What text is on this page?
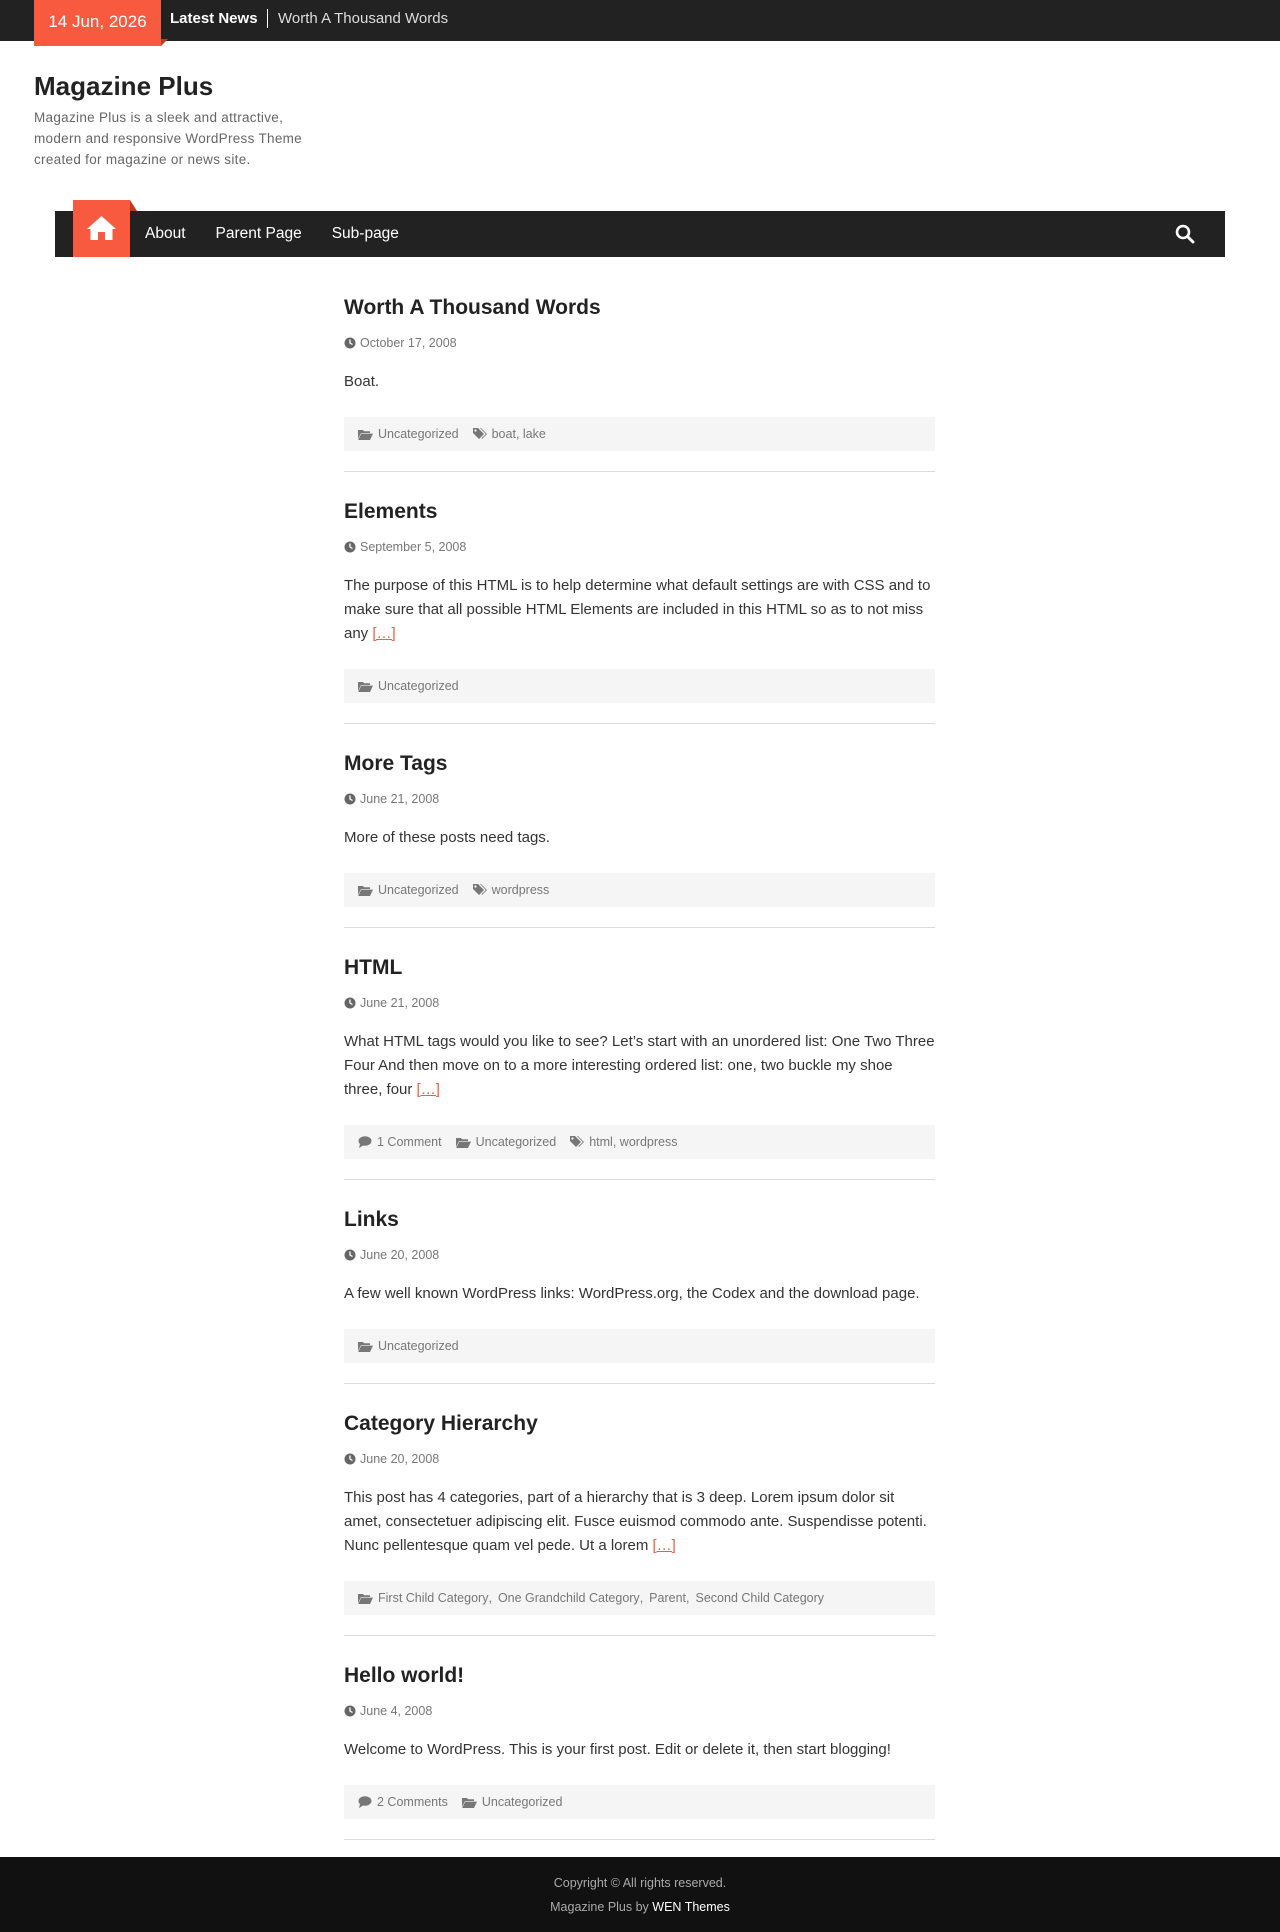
14 Jun, 2026	Latest News	Worth A Thousand Words
Magazine Plus
Magazine Plus is a sleek and attractive, modern and responsive WordPress Theme created for magazine or news site.
About Parent Page Sub-page
Worth A Thousand Words
October 17, 2008
Boat.
Uncategorized	boat , lake
Elements
September 5, 2008
The purpose of this HTML is to help determine what default settings are with CSS and to make sure that all possible HTML Elements are included in this HTML so as to not miss any […]
Uncategorized
More Tags
June 21, 2008
More of these posts need tags.
Uncategorized	wordpress
HTML
June 21, 2008
What HTML tags would you like to see? Let’s start with an unordered list: One Two Three Four And then move on to a more interesting ordered list: one, two buckle my shoe three, four […]
1 Comment	Uncategorized	html , wordpress
Links
June 20, 2008
A few well known WordPress links: WordPress.org, the Codex and the download page.
Uncategorized
Category Hierarchy
June 20, 2008
This post has 4 categories, part of a hierarchy that is 3 deep. Lorem ipsum dolor sit amet, consectetuer adipiscing elit. Fusce euismod commodo ante. Suspendisse potenti. Nunc pellentesque quam vel pede. Ut a lorem […]
First Child Category , One Grandchild Category , Parent , Second Child Category
Hello world!
June 4, 2008
Welcome to WordPress. This is your first post. Edit or delete it, then start blogging!
2 Comments	Uncategorized
Copyright © All rights reserved.
Magazine Plus by WEN Themes
